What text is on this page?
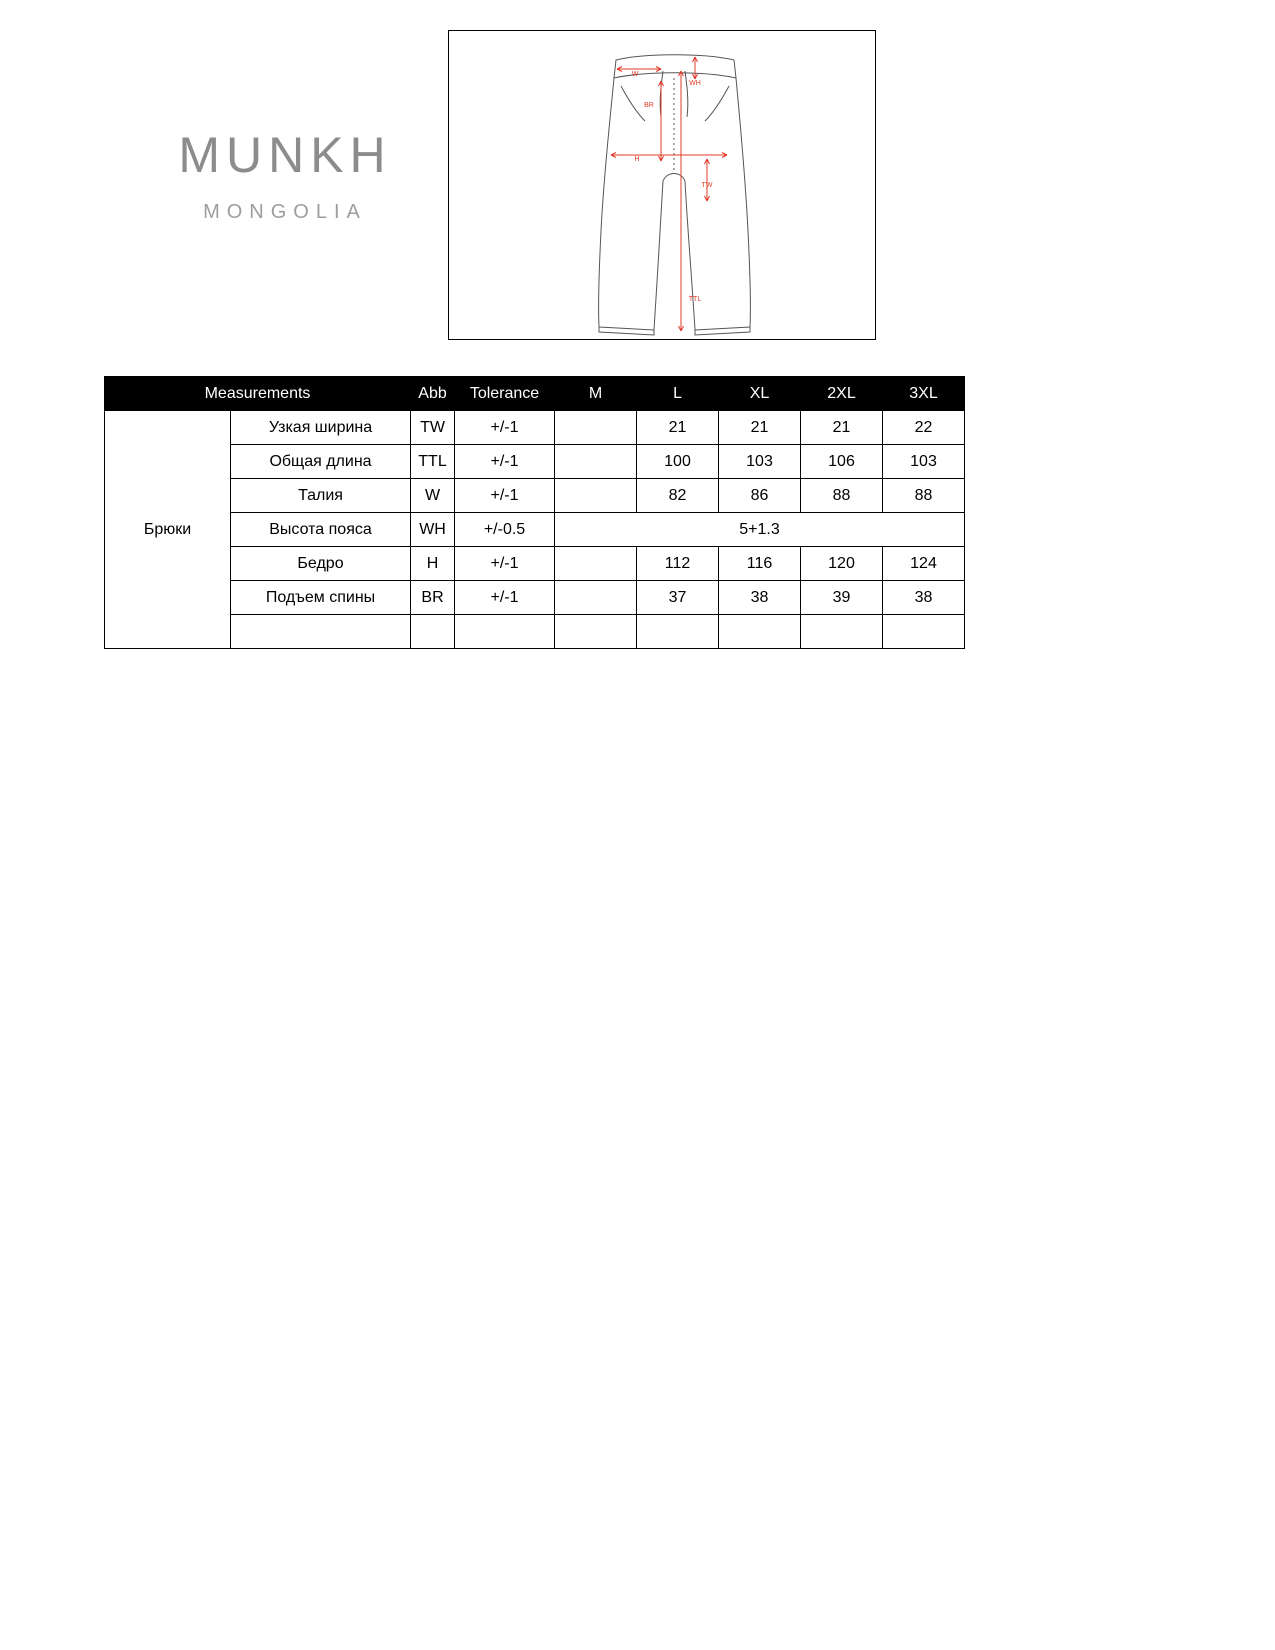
MUNKH
MONGOLIA
W
WH
BR
H
TW
TTL
Measurements		Abb	Tolerance	M	L	XL	2XL	3XL
Брюки	Узкая ширина	TW	+/-1		21	21	21	22
	Общая длина	TTL	+/-1		100	103	106	103
	Талия	W	+/-1		82	86	88	88
	Высота пояса	WH	+/-0.5	5+1.3				
	Бедро	H	+/-1		112	116	120	124
	Подъем спины	BR	+/-1		37	38	39	38
